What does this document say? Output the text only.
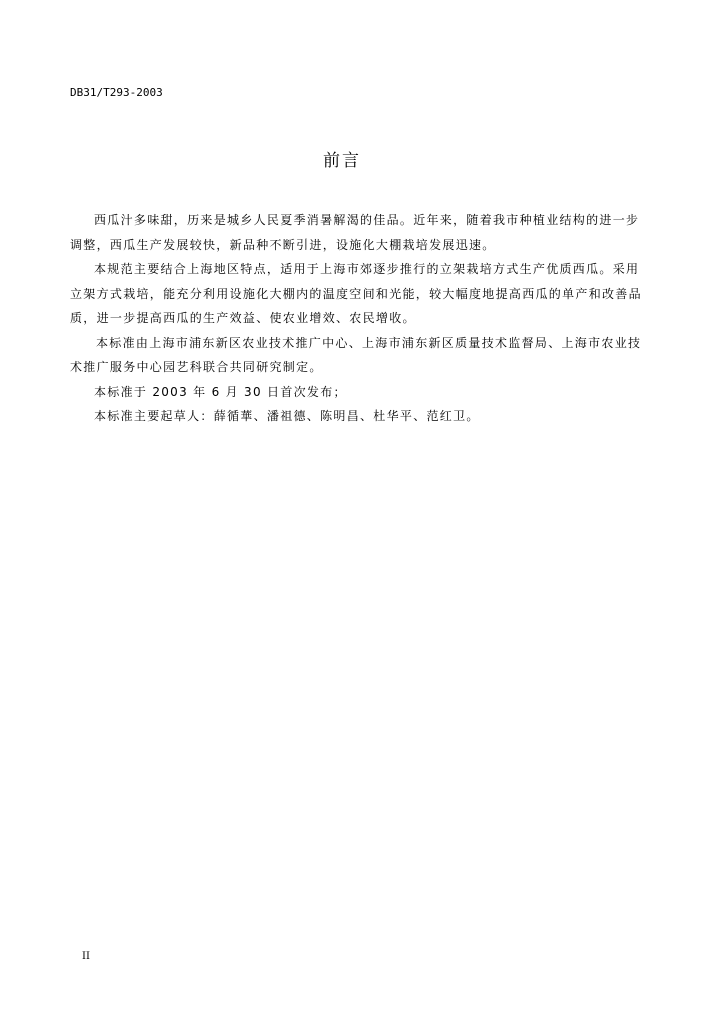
DB31/T293-2003
前言

西瓜汁多味甜，历来是城乡人民夏季消暑解渴的佳品。近年来，随着我市种植业结构的进一步调整，西瓜生产发展较快，新品种不断引进，设施化大棚栽培发展迅速。

本规范主要结合上海地区特点，适用于上海市郊逐步推行的立架栽培方式生产优质西瓜。采用立架方式栽培，能充分利用设施化大棚内的温度空间和光能，较大幅度地提高西瓜的单产和改善品质，进一步提高西瓜的生产效益、使农业增效、农民增收。

本标准由上海市浦东新区农业技术推广中心、上海市浦东新区质量技术监督局、上海市农业技术推广服务中心园艺科联合共同研究制定。

本标准于 2003 年 6 月 30 日首次发布；

本标准主要起草人：薛循華、潘祖德、陈明昌、杜华平、范红卫。

II
